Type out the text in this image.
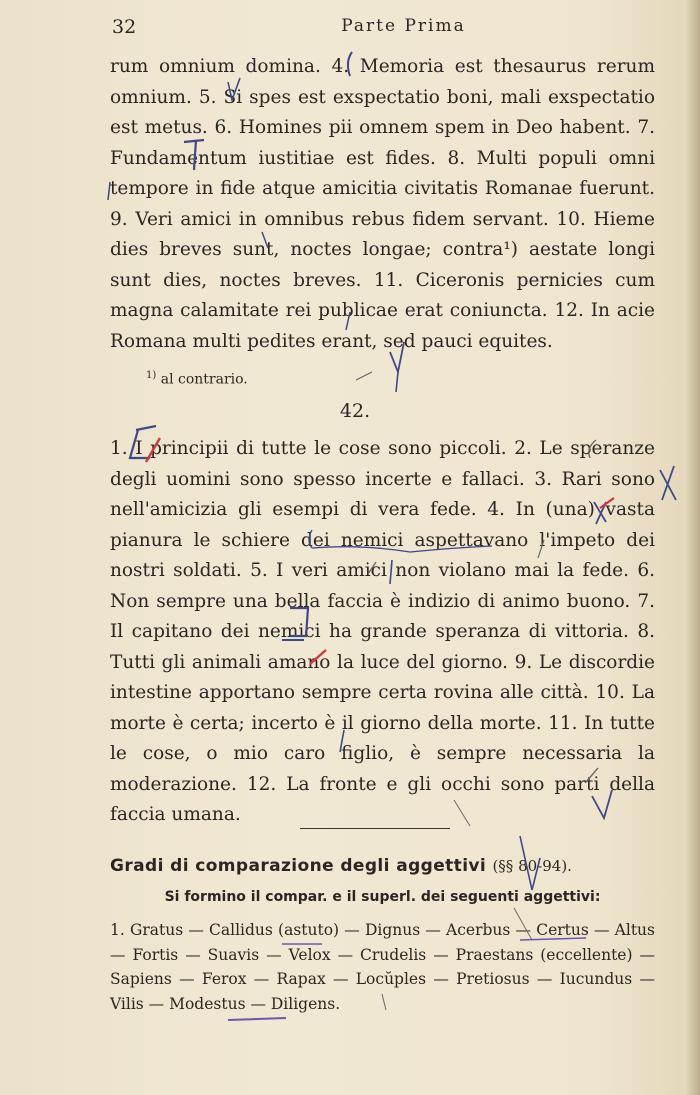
32	Parte Prima

rum omnium domina. 4. Memoria est thesaurus rerum omnium. 5. Si spes est exspectatio boni, mali exspectatio est metus. 6. Homines pii omnem spem in Deo habent. 7. Fundamentum iustitiae est fides. 8. Multi populi omni tempore in fide atque amicitia civitatis Romanae fuerunt. 9. Veri amici in omnibus rebus fidem servant. 10. Hieme dies breves sunt, noctes longae; contra¹) aestate longi sunt dies, noctes breves. 11. Ciceronis pernicies cum magna calamitate rei publicae erat coniuncta. 12. In acie Romana multi pedites erant, sed pauci equites.

$^{1)}$ al contrario.
42.

1. I principii di tutte le cose sono piccoli. 2. Le speranze degli uomini sono spesso incerte e fallaci. 3. Rari sono nell'amicizia gli esempi di vera fede. 4. In (una) vasta pianura le schiere dei nemici aspettavano l'impeto dei nostri soldati. 5. I veri amici non violano mai la fede. 6. Non sempre una bella faccia è indizio di animo buono. 7. Il capitano dei nemici ha grande speranza di vittoria. 8. Tutti gli animali amano la luce del giorno. 9. Le discordie intestine apportano sempre certa rovina alle città. 10. La morte è certa; incerto è il giorno della morte. 11. In tutte le cose, o mio caro figlio, è sempre necessaria la moderazione. 12. La fronte e gli occhi sono parti della faccia umana.

Gradi di comparazione degli aggettivi (§§ 80-94).
Si formino il compar. e il superl. dei seguenti aggettivi:

1. Gratus — Callidus (astuto) — Dignus — Acerbus — Certus — Altus — Fortis — Suavis — Velox — Crudelis — Praestans (eccellente) — Sapiens — Ferox — Rapax — Locŭples — Pretiosus — Iucundus — Vilis — Modestus — Diligens.
